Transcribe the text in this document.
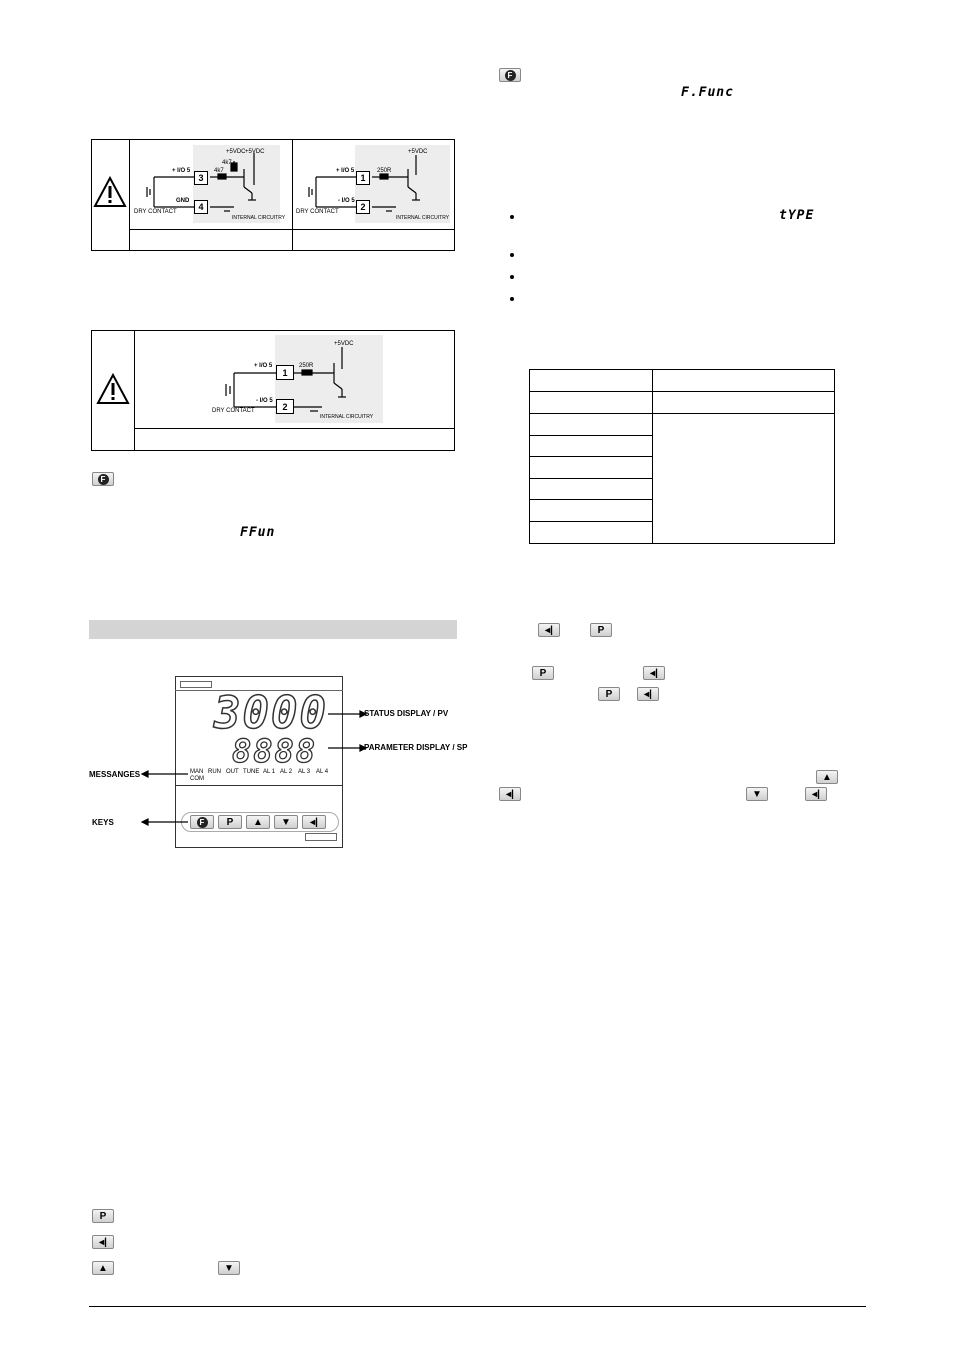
3
4
+ I/O 5
GND
DRY CONTACT
+5VDC +5VDC
4k7
4k7
INTERNAL CIRCUITRY
1
2
+ I/O 5
- I/O 5
DRY CONTACT
+5VDC
250R
INTERNAL CIRCUITRY
1
2
+ I/O 5
- I/O 5
DRY CONTACT
+5VDC
250R
INTERNAL CIRCUITRY
F
FFun
3000
8888
MAN
COM
RUN OUT TUNE AL 1 AL 2 AL 3 AL 4
F	P	▲	▼	◂|
STATUS DISPLAY / PV
PARAMETER DISPLAY / SP
MESSANGES
KEYS
P
◂|
▲	▼
F
F.Func
tYPE
◂|	P
P	◂|
P	◂|
▲
◂|	▼	◂|
